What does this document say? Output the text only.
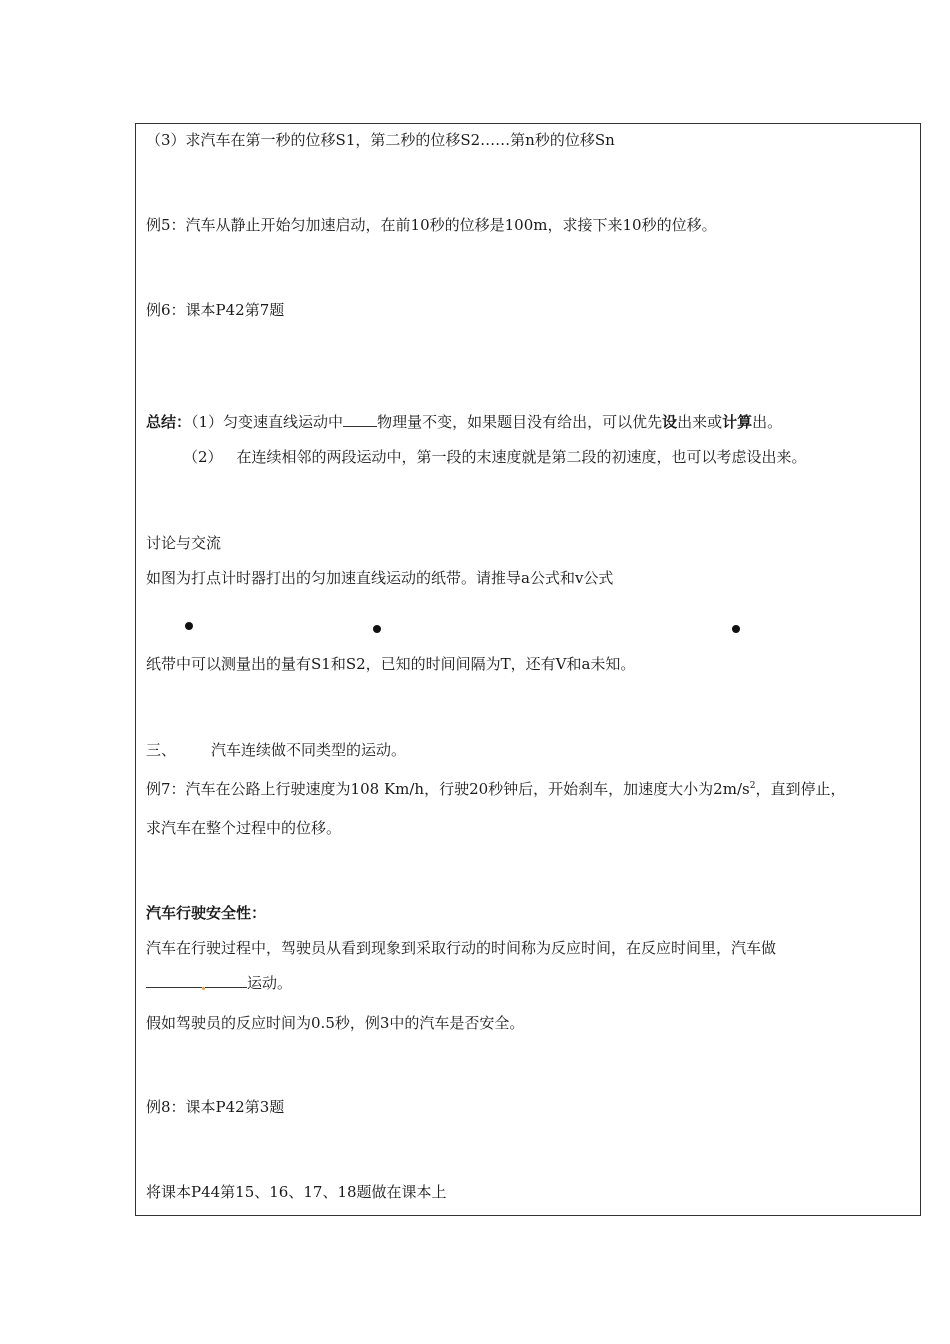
（3）求汽车在第一秒的位移S1，第二秒的位移S2……第n秒的位移Sn
例5：汽车从静止开始匀加速启动，在前10秒的位移是100m，求接下来10秒的位移。
例6：课本P42第7题
总结：（1）匀变速直线运动中 物理量不变，如果题目没有给出，可以优先设出来或计算出。
（2） 在连续相邻的两段运动中，第一段的末速度就是第二段的初速度，也可以考虑设出来。
讨论与交流
如图为打点计时器打出的匀加速直线运动的纸带。请推导a公式和v公式
纸带中可以测量出的量有S1和S2，已知的时间间隔为T，还有V和a未知。
三、 汽车连续做不同类型的运动。
例7：汽车在公路上行驶速度为108 Km/h，行驶20秒钟后，开始刹车，加速度大小为$2m/s^2$，直到停止，
求汽车在整个过程中的位移。
汽车行驶安全性：
汽车在行驶过程中，驾驶员从看到现象到采取行动的时间称为反应时间，在反应时间里，汽车做
运动。
假如驾驶员的反应时间为0.5秒，例3中的汽车是否安全。
例8：课本P42第3题
将课本P44第15、16、17、18题做在课本上
